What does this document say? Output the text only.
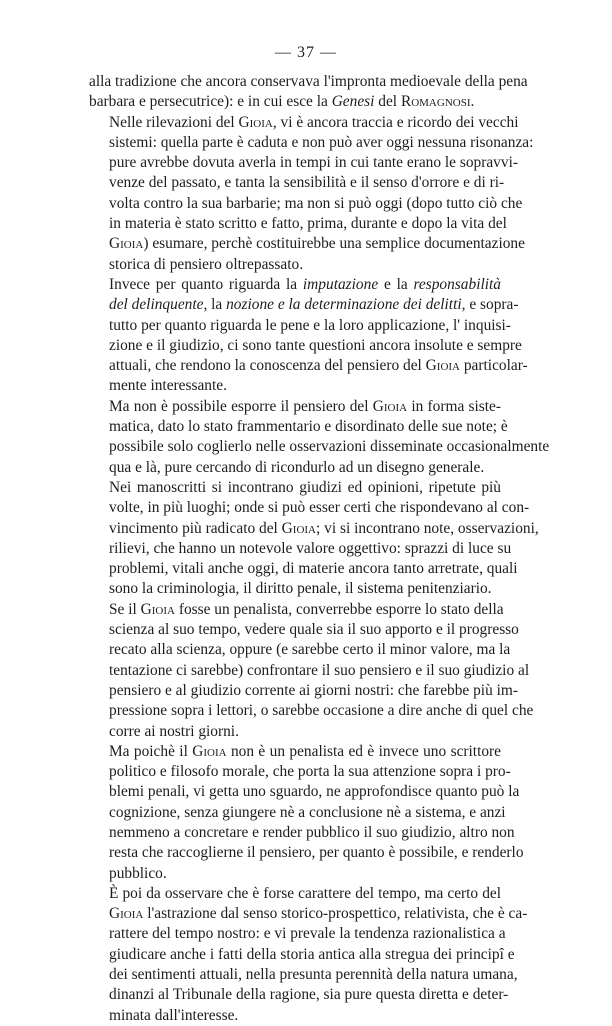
— 37 —

alla tradizione che ancora conservava l'impronta medioevale della pena
barbara e persecutrice): e in cui esce la Genesi del Romagnosi.

Nelle rilevazioni del Gioia, vi è ancora traccia e ricordo dei vecchi
sistemi: quella parte è caduta e non può aver oggi nessuna risonanza:
pure avrebbe dovuta averla in tempi in cui tante erano le sopravvi-
venze del passato, e tanta la sensibilità e il senso d'orrore e di ri-
volta contro la sua barbarie; ma non si può oggi (dopo tutto ciò che
in materia è stato scritto e fatto, prima, durante e dopo la vita del
Gioia) esumare, perchè costituirebbe una semplice documentazione
storica di pensiero oltrepassato.

Invece per quanto riguarda la imputazione e la responsabilità
del delinquente, la nozione e la determinazione dei delitti, e sopra-
tutto per quanto riguarda le pene e la loro applicazione, l' inquisi-
zione e il giudizio, ci sono tante questioni ancora insolute e sempre
attuali, che rendono la conoscenza del pensiero del Gioia particolar-
mente interessante.

Ma non è possibile esporre il pensiero del Gioia in forma siste-
matica, dato lo stato frammentario e disordinato delle sue note; è
possibile solo coglierlo nelle osservazioni disseminate occasionalmente
qua e là, pure cercando di ricondurlo ad un disegno generale.

Nei manoscritti si incontrano giudizi ed opinioni, ripetute più
volte, in più luoghi; onde si può esser certi che rispondevano al con-
vincimento più radicato del Gioia; vi si incontrano note, osservazioni,
rilievi, che hanno un notevole valore oggettivo: sprazzi di luce su
problemi, vitali anche oggi, di materie ancora tanto arretrate, quali
sono la criminologia, il diritto penale, il sistema penitenziario.

Se il Gioia fosse un penalista, converrebbe esporre lo stato della
scienza al suo tempo, vedere quale sia il suo apporto e il progresso
recato alla scienza, oppure (e sarebbe certo il minor valore, ma la
tentazione ci sarebbe) confrontare il suo pensiero e il suo giudizio al
pensiero e al giudizio corrente ai giorni nostri: che farebbe più im-
pressione sopra i lettori, o sarebbe occasione a dire anche di quel che
corre ai nostri giorni.

Ma poichè il Gioia non è un penalista ed è invece uno scrittore
politico e filosofo morale, che porta la sua attenzione sopra i pro-
blemi penali, vi getta uno sguardo, ne approfondisce quanto può la
cognizione, senza giungere nè a conclusione nè a sistema, e anzi
nemmeno a concretare e render pubblico il suo giudizio, altro non
resta che raccoglierne il pensiero, per quanto è possibile, e renderlo
pubblico.

È poi da osservare che è forse carattere del tempo, ma certo del
Gioia l'astrazione dal senso storico-prospettico, relativista, che è ca-
rattere del tempo nostro: e vi prevale la tendenza razionalistica a
giudicare anche i fatti della storia antica alla stregua dei principî e
dei sentimenti attuali, nella presunta perennità della natura umana,
dinanzi al Tribunale della ragione, sia pure questa diretta e deter-
minata dall'interesse.
